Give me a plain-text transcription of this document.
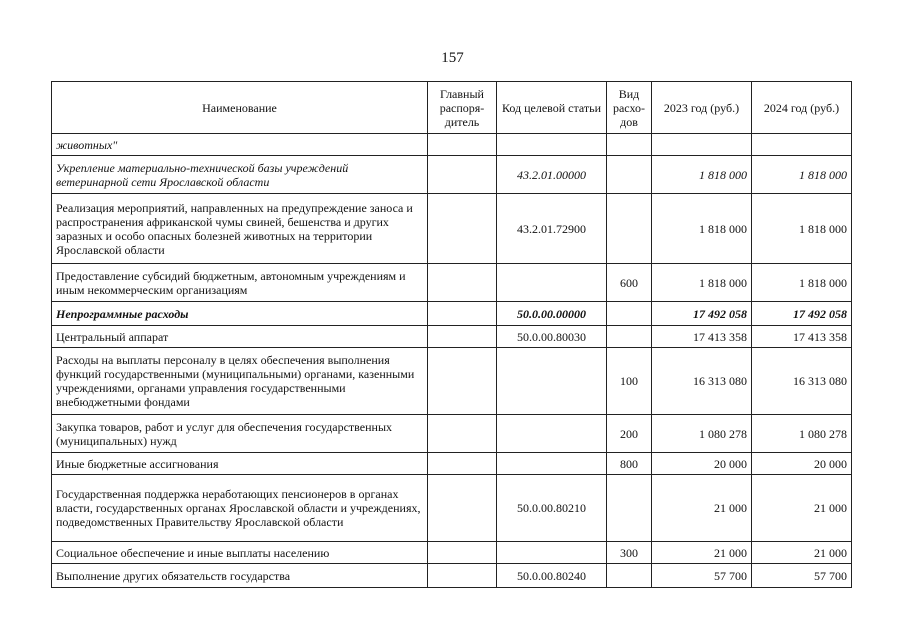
157
Наименование	Главный распоря-дитель	Код целевой статьи	Вид расхо-дов	2023 год (руб.)	2024 год (руб.)
животных"					
Укрепление материально-технической базы учреждений ветеринарной сети Ярославской области		43.2.01.00000		1 818 000	1 818 000
Реализация мероприятий, направленных на предупреждение заноса и распространения африканской чумы свиней, бешенства и других заразных и особо опасных болезней животных на территории Ярославской области		43.2.01.72900		1 818 000	1 818 000
Предоставление субсидий бюджетным, автономным учреждениям и иным некоммерческим организациям			600	1 818 000	1 818 000
Непрограммные расходы		50.0.00.00000		17 492 058	17 492 058
Центральный аппарат		50.0.00.80030		17 413 358	17 413 358
Расходы на выплаты персоналу в целях обеспечения выполнения функций государственными (муниципальными) органами, казенными учреждениями, органами управления государственными внебюджетными фондами			100	16 313 080	16 313 080
Закупка товаров, работ и услуг для обеспечения государственных (муниципальных) нужд			200	1 080 278	1 080 278
Иные бюджетные ассигнования			800	20 000	20 000
Государственная поддержка неработающих пенсионеров в органах власти, государственных органах Ярославской области и учреждениях, подведомственных Правительству Ярославской области		50.0.00.80210		21 000	21 000
Социальное обеспечение и иные выплаты населению			300	21 000	21 000
Выполнение других обязательств государства		50.0.00.80240		57 700	57 700
